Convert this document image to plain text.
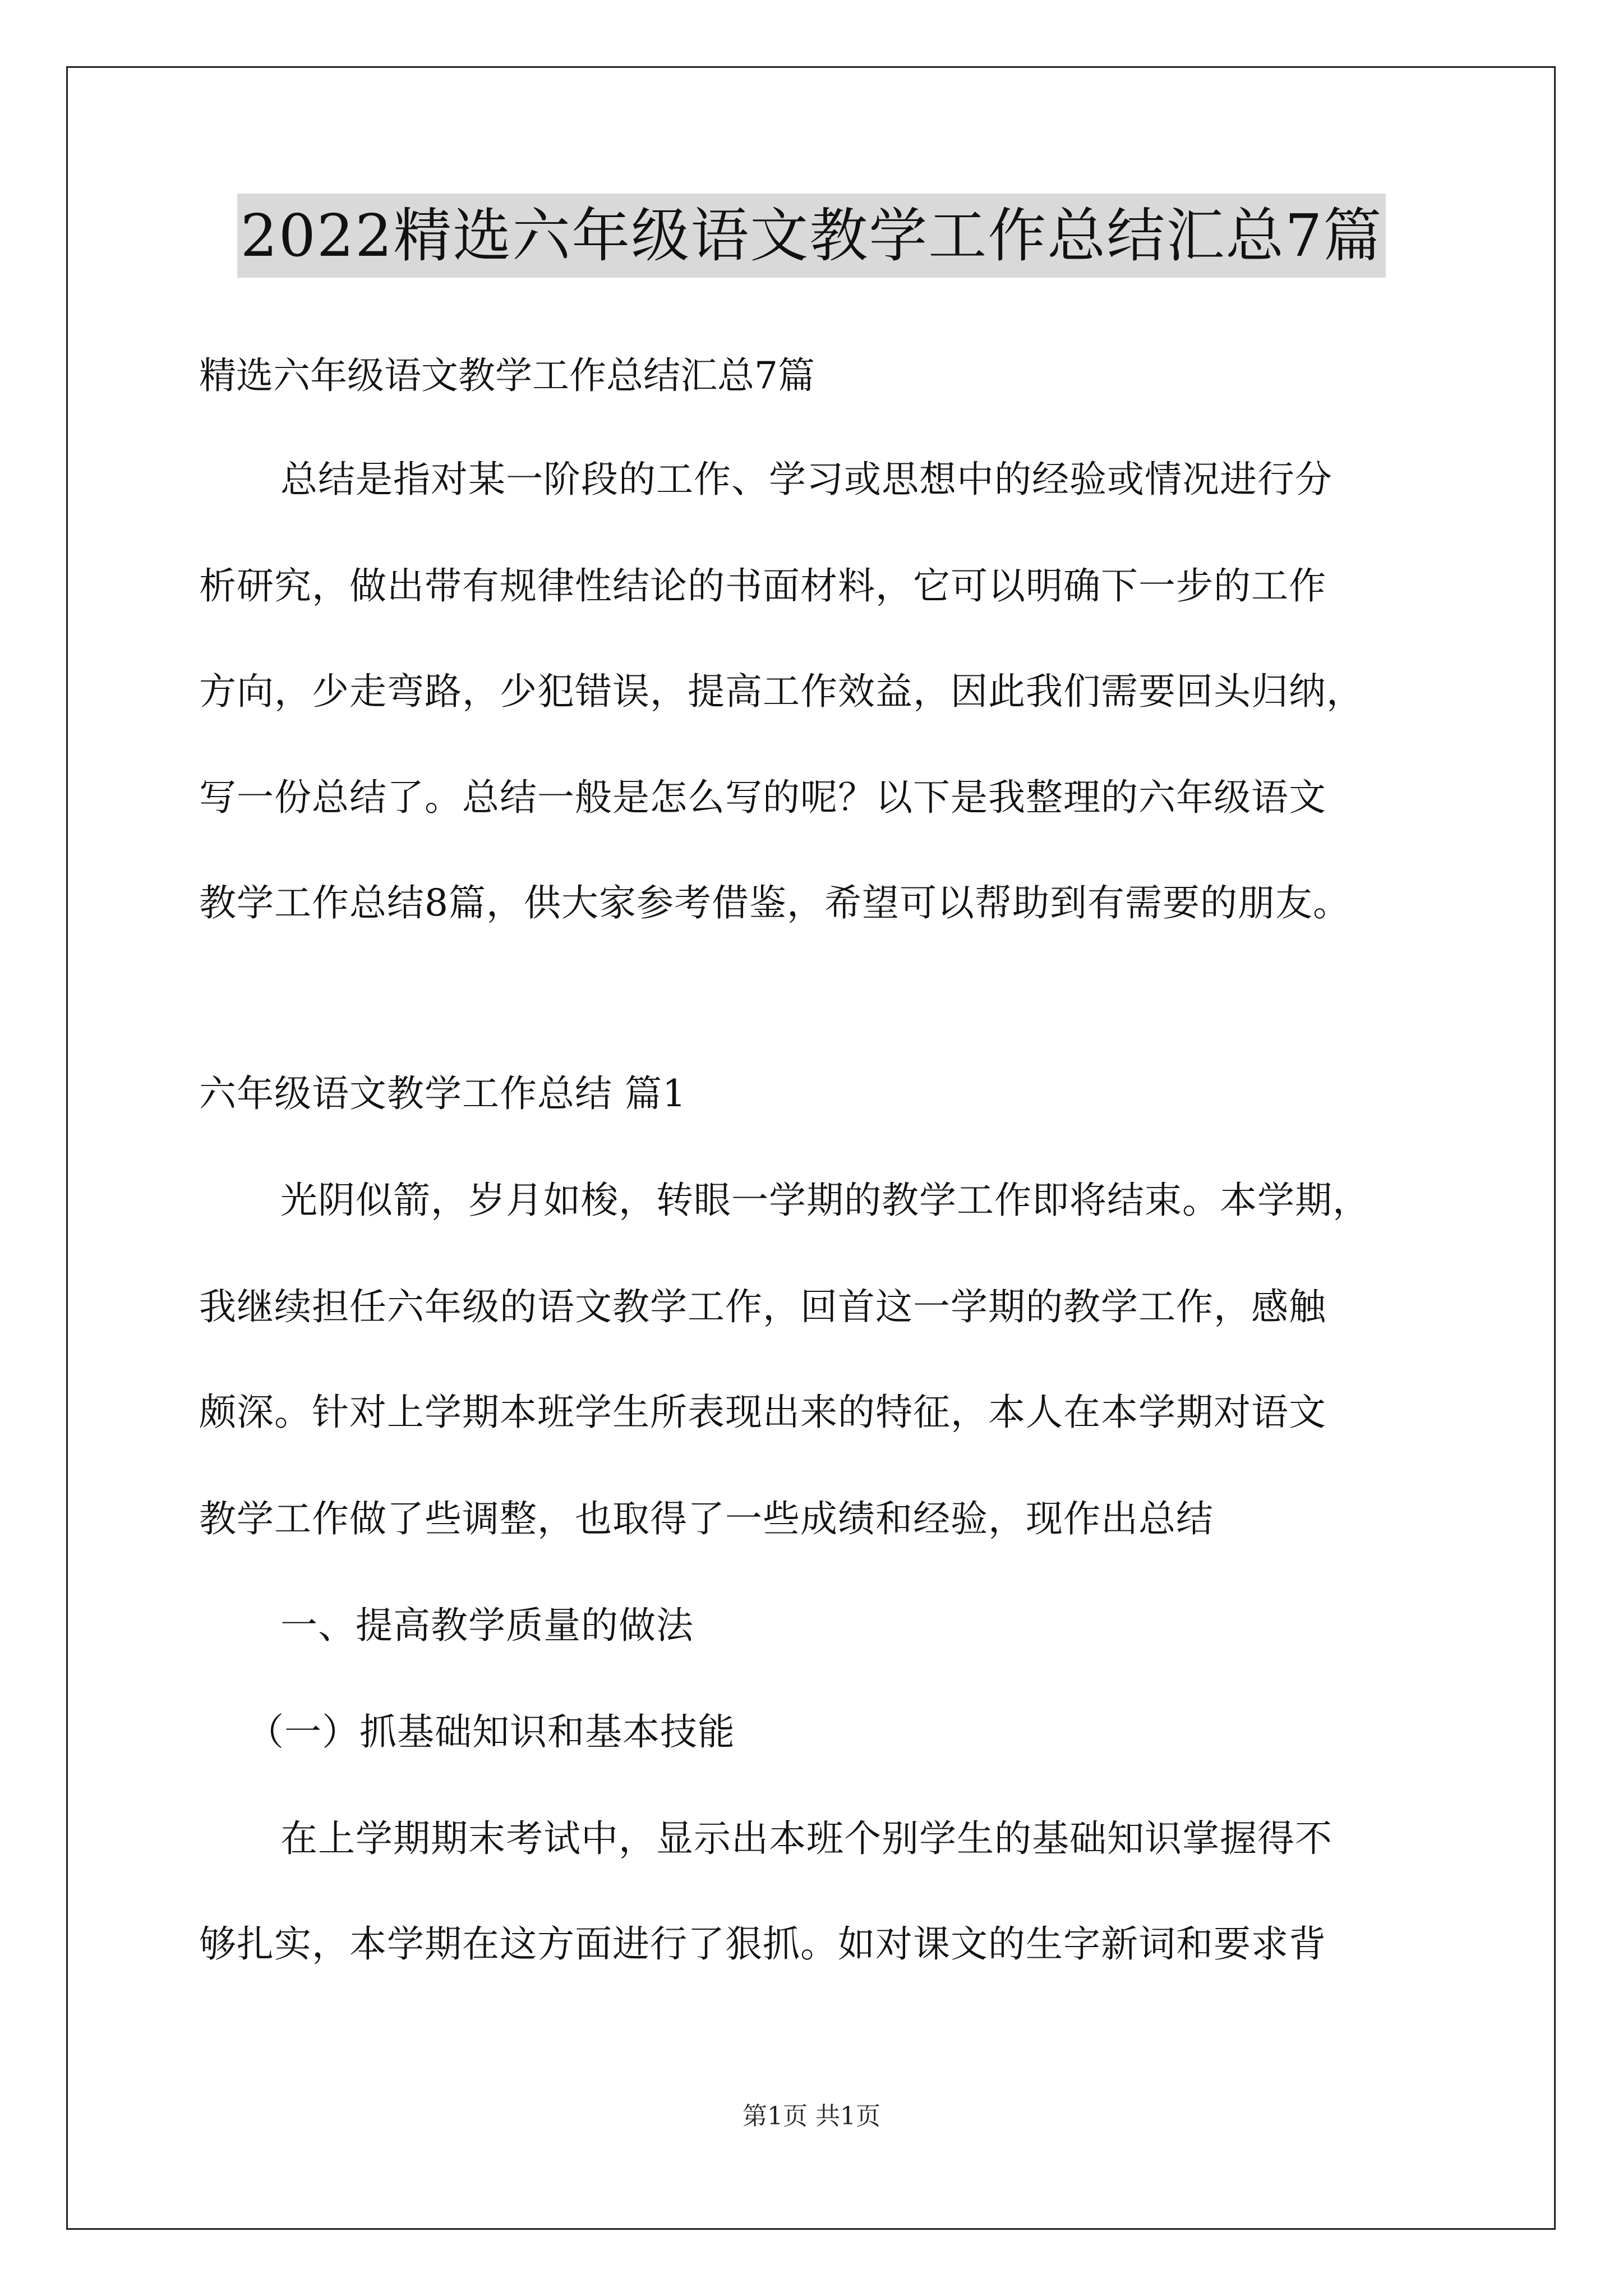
2022精选六年级语文教学工作总结汇总7篇
精选六年级语文教学工作总结汇总7篇
总结是指对某一阶段的工作、学习或思想中的经验或情况进行分
析研究，做出带有规律性结论的书面材料，它可以明确下一步的工作
方向，少走弯路，少犯错误，提高工作效益，因此我们需要回头归纳，
写一份总结了。总结一般是怎么写的呢？以下是我整理的六年级语文
教学工作总结8篇，供大家参考借鉴，希望可以帮助到有需要的朋友。
六年级语文教学工作总结 篇1
光阴似箭，岁月如梭，转眼一学期的教学工作即将结束。本学期，
我继续担任六年级的语文教学工作，回首这一学期的教学工作，感触
颇深。针对上学期本班学生所表现出来的特征，本人在本学期对语文
教学工作做了些调整，也取得了一些成绩和经验，现作出总结
一、提高教学质量的做法
（一）抓基础知识和基本技能
在上学期期末考试中，显示出本班个别学生的基础知识掌握得不
够扎实，本学期在这方面进行了狠抓。如对课文的生字新词和要求背
第1页 共1页
